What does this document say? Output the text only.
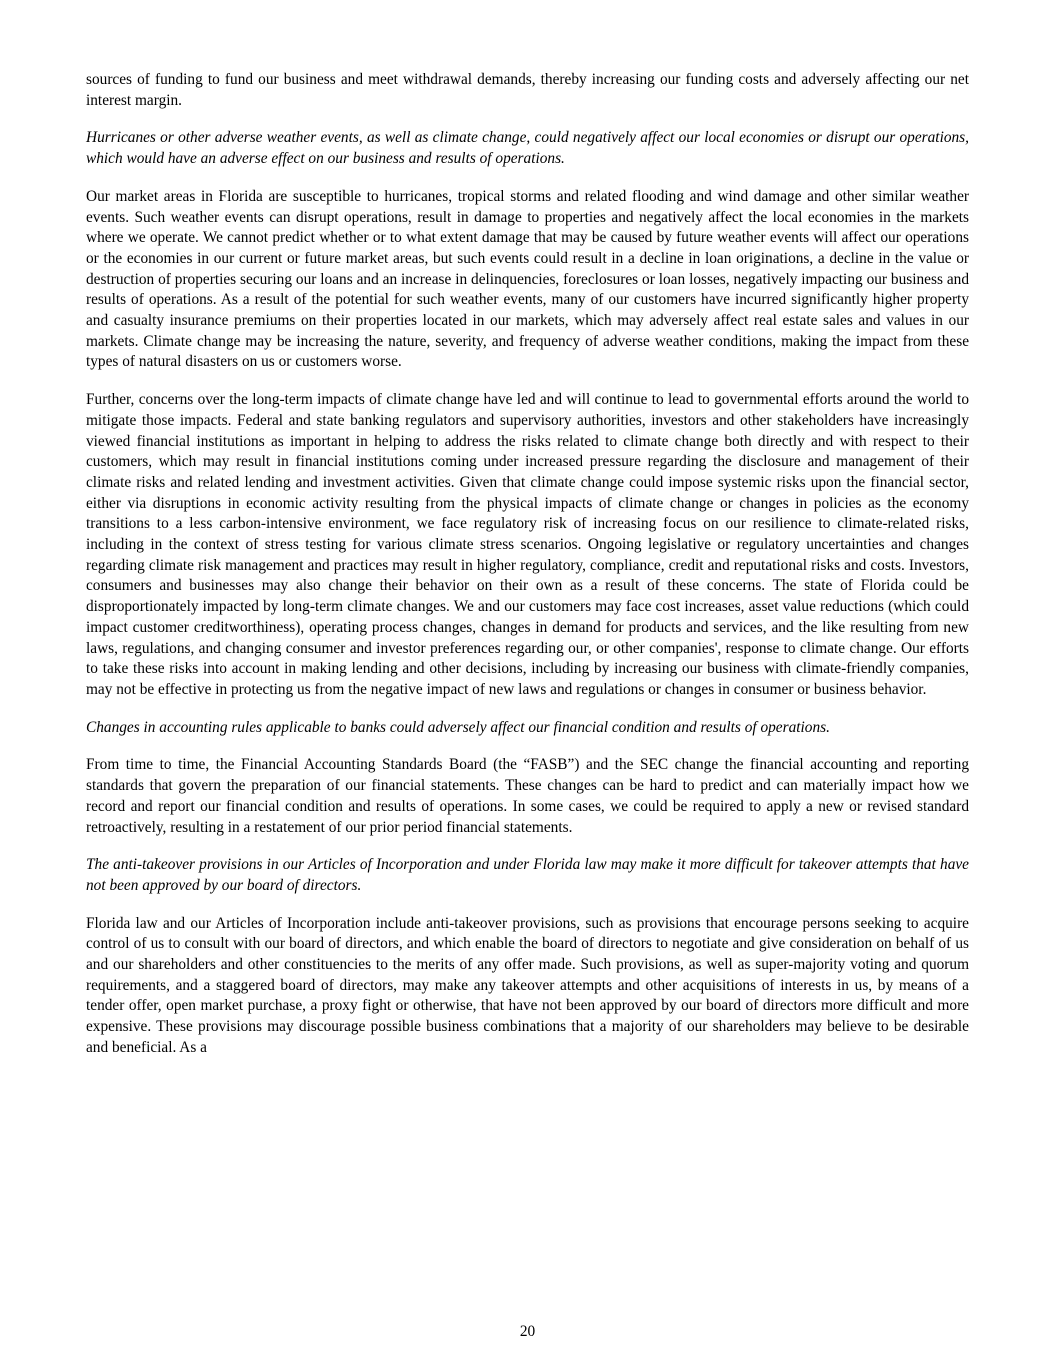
sources of funding to fund our business and meet withdrawal demands, thereby increasing our funding costs and adversely affecting our net interest margin.

Hurricanes or other adverse weather events, as well as climate change, could negatively affect our local economies or disrupt our operations, which would have an adverse effect on our business and results of operations.

Our market areas in Florida are susceptible to hurricanes, tropical storms and related flooding and wind damage and other similar weather events. Such weather events can disrupt operations, result in damage to properties and negatively affect the local economies in the markets where we operate. We cannot predict whether or to what extent damage that may be caused by future weather events will affect our operations or the economies in our current or future market areas, but such events could result in a decline in loan originations, a decline in the value or destruction of properties securing our loans and an increase in delinquencies, foreclosures or loan losses, negatively impacting our business and results of operations. As a result of the potential for such weather events, many of our customers have incurred significantly higher property and casualty insurance premiums on their properties located in our markets, which may adversely affect real estate sales and values in our markets. Climate change may be increasing the nature, severity, and frequency of adverse weather conditions, making the impact from these types of natural disasters on us or customers worse.

Further, concerns over the long-term impacts of climate change have led and will continue to lead to governmental efforts around the world to mitigate those impacts. Federal and state banking regulators and supervisory authorities, investors and other stakeholders have increasingly viewed financial institutions as important in helping to address the risks related to climate change both directly and with respect to their customers, which may result in financial institutions coming under increased pressure regarding the disclosure and management of their climate risks and related lending and investment activities. Given that climate change could impose systemic risks upon the financial sector, either via disruptions in economic activity resulting from the physical impacts of climate change or changes in policies as the economy transitions to a less carbon-intensive environment, we face regulatory risk of increasing focus on our resilience to climate-related risks, including in the context of stress testing for various climate stress scenarios. Ongoing legislative or regulatory uncertainties and changes regarding climate risk management and practices may result in higher regulatory, compliance, credit and reputational risks and costs. Investors, consumers and businesses may also change their behavior on their own as a result of these concerns. The state of Florida could be disproportionately impacted by long-term climate changes. We and our customers may face cost increases, asset value reductions (which could impact customer creditworthiness), operating process changes, changes in demand for products and services, and the like resulting from new laws, regulations, and changing consumer and investor preferences regarding our, or other companies', response to climate change. Our efforts to take these risks into account in making lending and other decisions, including by increasing our business with climate-friendly companies, may not be effective in protecting us from the negative impact of new laws and regulations or changes in consumer or business behavior.

Changes in accounting rules applicable to banks could adversely affect our financial condition and results of operations.

From time to time, the Financial Accounting Standards Board (the “FASB”) and the SEC change the financial accounting and reporting standards that govern the preparation of our financial statements. These changes can be hard to predict and can materially impact how we record and report our financial condition and results of operations. In some cases, we could be required to apply a new or revised standard retroactively, resulting in a restatement of our prior period financial statements.

The anti-takeover provisions in our Articles of Incorporation and under Florida law may make it more difficult for takeover attempts that have not been approved by our board of directors.

Florida law and our Articles of Incorporation include anti-takeover provisions, such as provisions that encourage persons seeking to acquire control of us to consult with our board of directors, and which enable the board of directors to negotiate and give consideration on behalf of us and our shareholders and other constituencies to the merits of any offer made. Such provisions, as well as super-majority voting and quorum requirements, and a staggered board of directors, may make any takeover attempts and other acquisitions of interests in us, by means of a tender offer, open market purchase, a proxy fight or otherwise, that have not been approved by our board of directors more difficult and more expensive. These provisions may discourage possible business combinations that a majority of our shareholders may believe to be desirable and beneficial. As a

20
